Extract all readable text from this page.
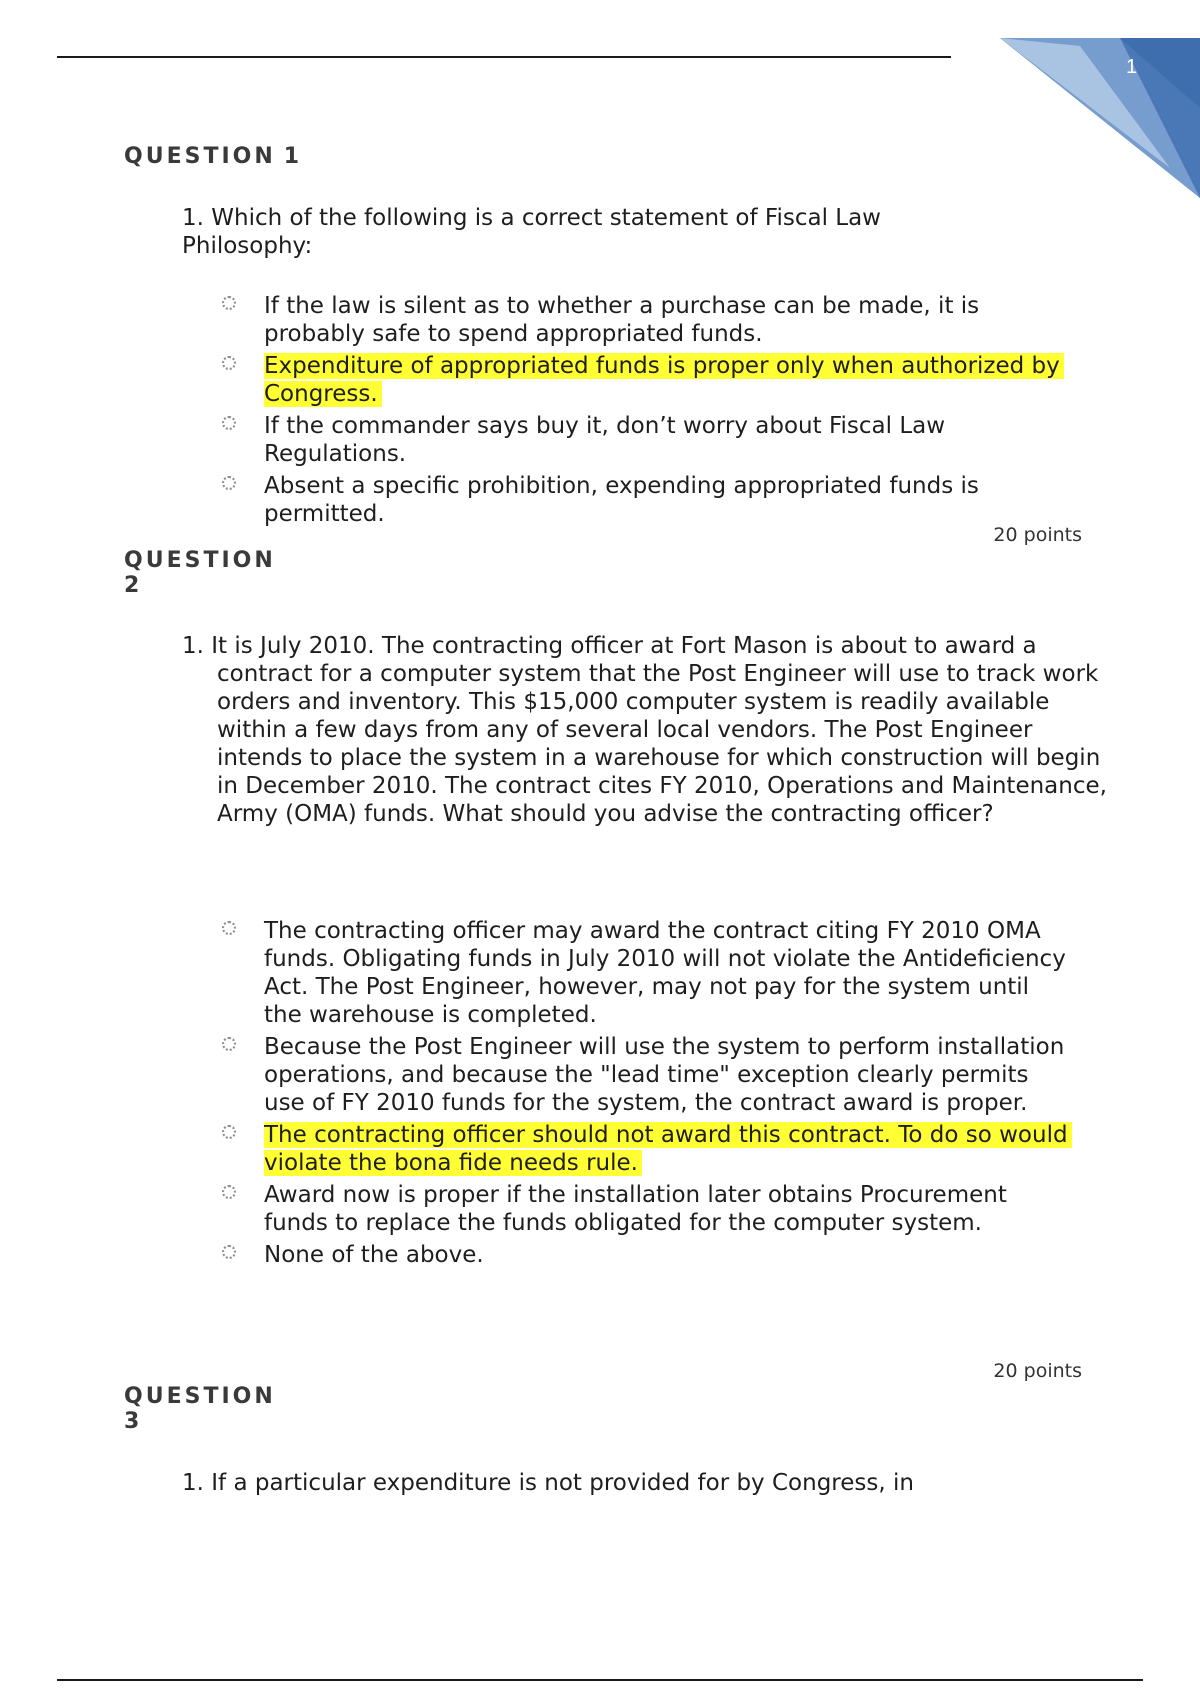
1
QUESTION 1
1. Which of the following is a correct statement of Fiscal Law Philosophy:
If the law is silent as to whether a purchase can be made, it is probably safe to spend appropriated funds.
Expenditure of appropriated funds is proper only when authorized by Congress.
If the commander says buy it, don’t worry about Fiscal Law Regulations.
Absent a specific prohibition, expending appropriated funds is permitted.
20 points
QUESTION
2
1. It is July 2010. The contracting officer at Fort Mason is about to award a contract for a computer system that the Post Engineer will use to track work orders and inventory. This $15,000 computer system is readily available within a few days from any of several local vendors. The Post Engineer intends to place the system in a warehouse for which construction will begin in December 2010. The contract cites FY 2010, Operations and Maintenance, Army (OMA) funds. What should you advise the contracting officer?
The contracting officer may award the contract citing FY 2010 OMA funds. Obligating funds in July 2010 will not violate the Antideficiency Act. The Post Engineer, however, may not pay for the system until the warehouse is completed.
Because the Post Engineer will use the system to perform installation operations, and because the "lead time" exception clearly permits use of FY 2010 funds for the system, the contract award is proper.
The contracting officer should not award this contract. To do so would violate the bona fide needs rule.
Award now is proper if the installation later obtains Procurement funds to replace the funds obligated for the computer system.
None of the above.
20 points
QUESTION
3
1. If a particular expenditure is not provided for by Congress, in
